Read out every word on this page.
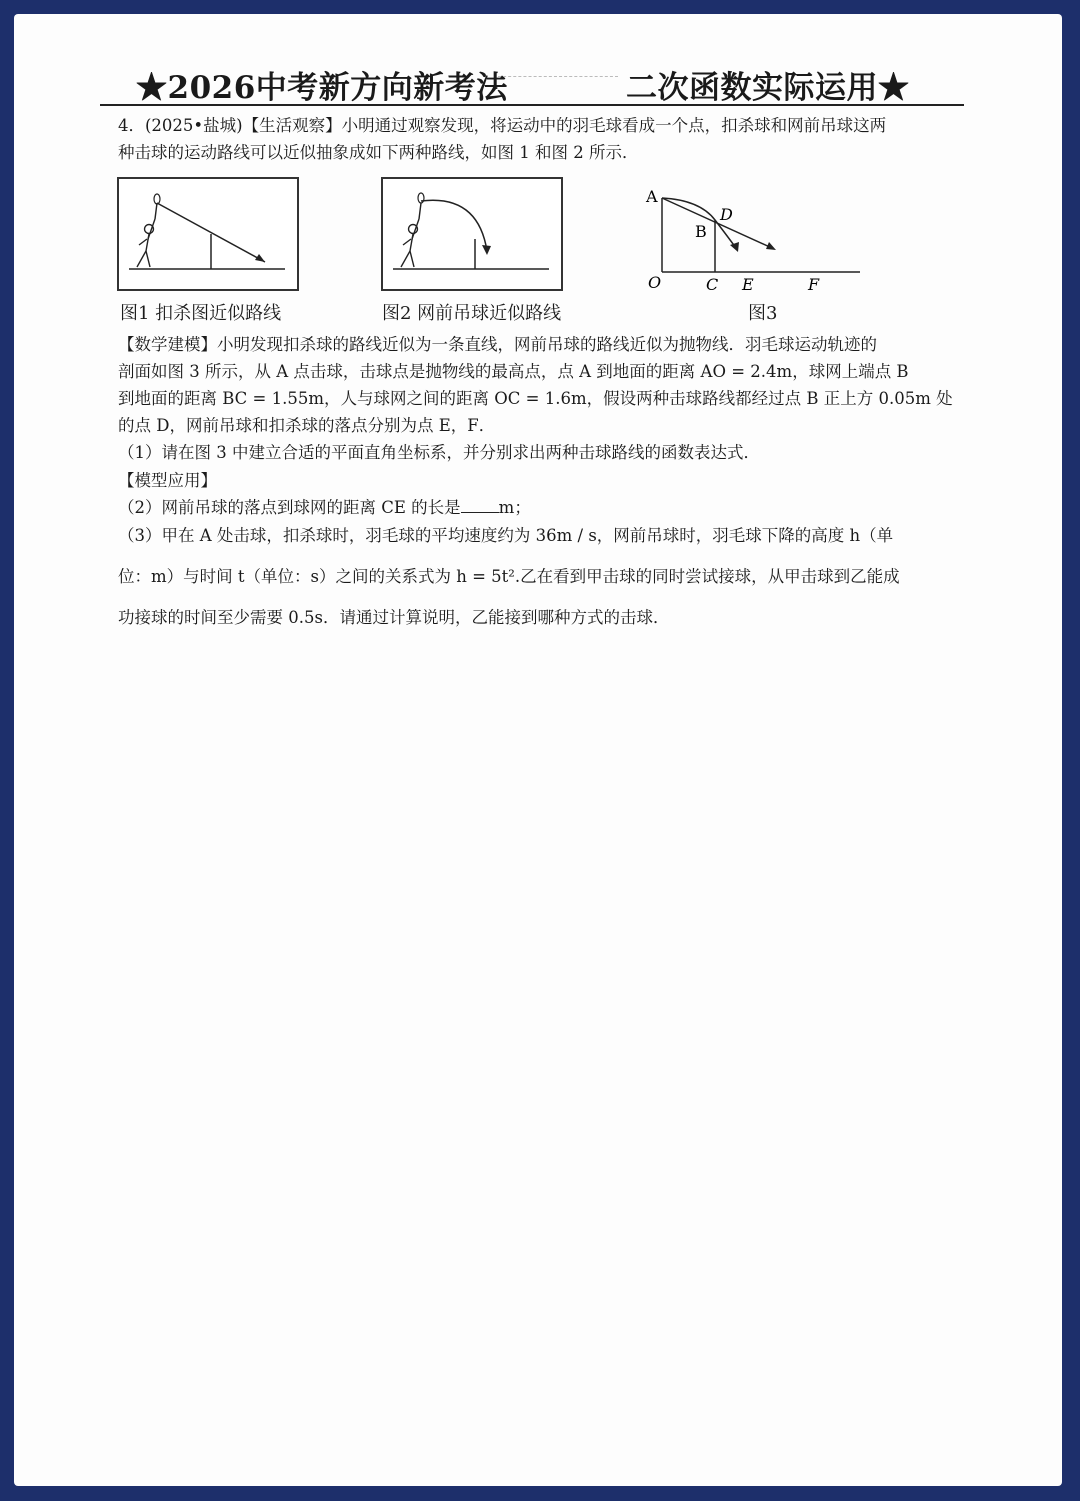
★2026中考新方向新考法	二次函数实际运用★
4．(2025•盐城)【生活观察】小明通过观察发现，将运动中的羽毛球看成一个点，扣杀球和网前吊球这两
种击球的运动路线可以近似抽象成如下两种路线，如图 1 和图 2 所示．
图1 扣杀图近似路线	图2 网前吊球近似路线
A
B
D
O	C E	F
图3
【数学建模】小明发现扣杀球的路线近似为一条直线，网前吊球的路线近似为抛物线．羽毛球运动轨迹的
剖面如图 3 所示，从 A 点击球，击球点是抛物线的最高点，点 A 到地面的距离 AO = 2.4m，球网上端点 B
到地面的距离 BC = 1.55m，人与球网之间的距离 OC = 1.6m，假设两种击球路线都经过点 B 正上方 0.05m 处
的点 D，网前吊球和扣杀球的落点分别为点 E，F．
（1）请在图 3 中建立合适的平面直角坐标系，并分别求出两种击球路线的函数表达式．
【模型应用】
（2）网前吊球的落点到球网的距离 CE 的长是 m；
（3）甲在 A 处击球，扣杀球时，羽毛球的平均速度约为 36m / s，网前吊球时，羽毛球下降的高度 h（单
位：m）与时间 t（单位：s）之间的关系式为 h = 5t².乙在看到甲击球的同时尝试接球，从甲击球到乙能成
功接球的时间至少需要 0.5s．请通过计算说明，乙能接到哪种方式的击球．
